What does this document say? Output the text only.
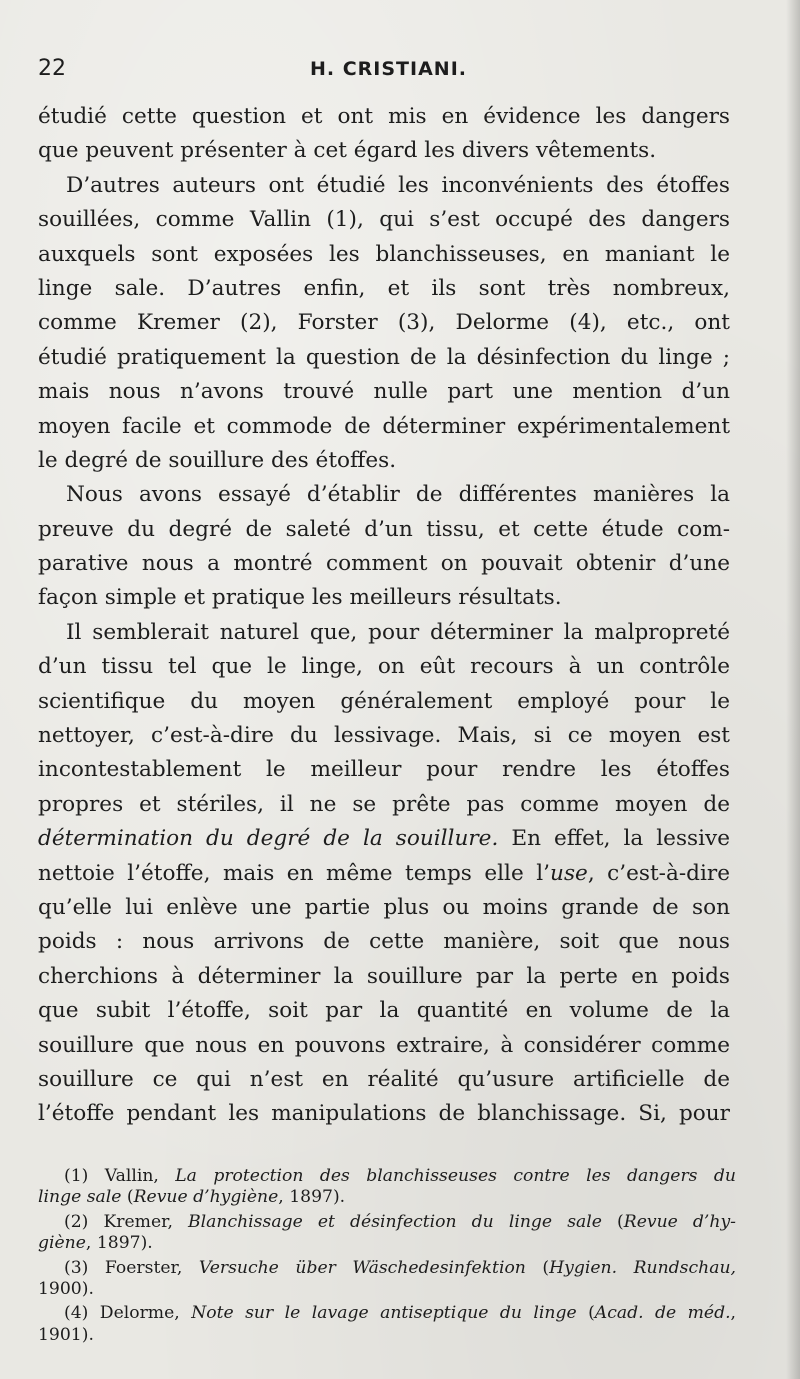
22	H. CRISTIANI.
étudié cette question et ont mis en évidence les dangers
que peuvent présenter à cet égard les divers vêtements.
D’autres auteurs ont étudié les inconvénients des étoffes
souillées, comme Vallin (1), qui s’est occupé des dangers
auxquels sont exposées les blanchisseuses, en maniant le
linge sale. D’autres enfin, et ils sont très nombreux,
comme Kremer (2), Forster (3), Delorme (4), etc., ont
étudié pratiquement la question de la désinfection du linge ;
mais nous n’avons trouvé nulle part une mention d’un
moyen facile et commode de déterminer expérimentalement
le degré de souillure des étoffes.
Nous avons essayé d’établir de différentes manières la
preuve du degré de saleté d’un tissu, et cette étude com-
parative nous a montré comment on pouvait obtenir d’une
façon simple et pratique les meilleurs résultats.
Il semblerait naturel que, pour déterminer la malpropreté
d’un tissu tel que le linge, on eût recours à un contrôle
scientifique du moyen généralement employé pour le
nettoyer, c’est-à-dire du lessivage. Mais, si ce moyen est
incontestablement le meilleur pour rendre les étoffes
propres et stériles, il ne se prête pas comme moyen de
détermination du degré de la souillure. En effet, la lessive
nettoie l’étoffe, mais en même temps elle l’use, c’est-à-dire
qu’elle lui enlève une partie plus ou moins grande de son
poids : nous arrivons de cette manière, soit que nous
cherchions à déterminer la souillure par la perte en poids
que subit l’étoffe, soit par la quantité en volume de la
souillure que nous en pouvons extraire, à considérer comme
souillure ce qui n’est en réalité qu’usure artificielle de
l’étoffe pendant les manipulations de blanchissage. Si, pour
(1) Vallin, La protection des blanchisseuses contre les dangers du
linge sale (Revue d’hygiène, 1897).
(2) Kremer, Blanchissage et désinfection du linge sale (Revue d’hy-
giène, 1897).
(3) Foerster, Versuche über Wäschedesinfektion (Hygien. Rundschau,
1900).
(4) Delorme, Note sur le lavage antiseptique du linge (Acad. de méd.,
1901).
